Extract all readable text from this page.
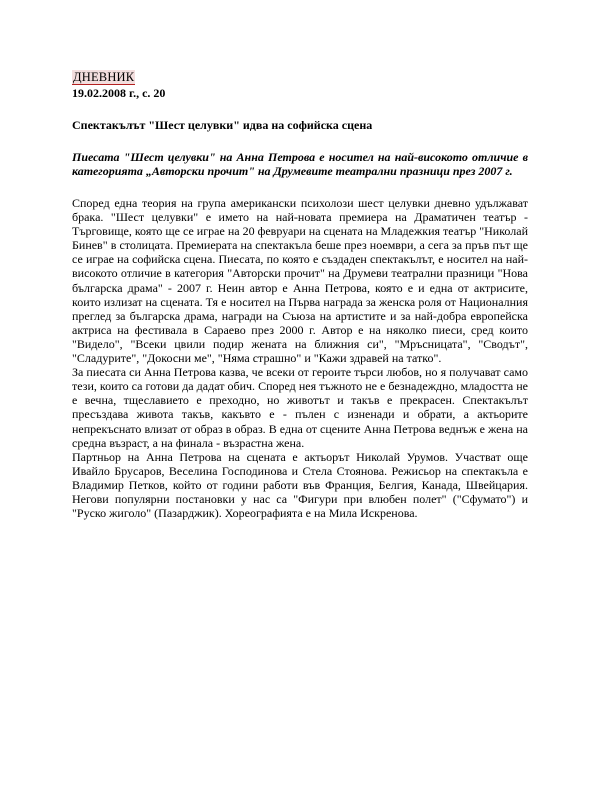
ДНЕВНИК
19.02.2008 г., с. 20
Спектакълът "Шест целувки" идва на софийска сцена
Пиесата "Шест целувки" на Анна Петрова е носител на най-високото отличие в категорията „Авторски прочит" на Друмевите театрални празници през 2007 г.

Според една теория на група американски психолози шест целувки дневно удължават брака. "Шест целувки" е името на най-новата премиера на Драматичен театър - Търговище, която ще се играе на 20 февруари на сцената на Младежкия театър "Николай Бинев" в столицата. Премиерата на спектакъла беше през ноември, а сега за пръв път ще се играе на софийска сцена. Пиесата, по която е създаден спектакълът, е носител на най-високото отличие в категория "Авторски прочит" на Друмеви театрални празници "Нова българска драма" - 2007 г. Неин автор е Анна Петрова, която е и една от актрисите, които излизат на сцената. Тя е носител на Първа награда за женска роля от Националния преглед за българска драма, награди на Съюза на артистите и за най-добра европейска актриса на фестивала в Сараево през 2000 г. Автор е на няколко пиеси, сред които "Видело", "Всеки цвили подир жената на ближния си", "Мръсницата", "Сводът", "Сладурите", "Докосни ме", "Няма страшно" и "Кажи здравей на татко".

За пиесата си Анна Петрова казва, че всеки от героите търси любов, но я получават само тези, които са готови да дадат обич. Според нея тъжното не е безнадеждно, младостта не е вечна, тщеславието е преходно, но животът и такъв е прекрасен. Спектакълът пресъздава живота такъв, какъвто е - пълен с изненади и обрати, а актьорите непрекъснато влизат от образ в образ. В една от сцените Анна Петрова веднъж е жена на средна възраст, а на финала - възрастна жена.

Партньор на Анна Петрова на сцената е актьорът Николай Урумов. Участват още Ивайло Брусаров, Веселина Господинова и Стела Стоянова. Режисьор на спектакъла е Владимир Петков, който от години работи във Франция, Белгия, Канада, Швейцария. Негови популярни постановки у нас са "Фигури при влюбен полет" ("Сфумато") и "Руско жиголо" (Пазарджик). Хореографията е на Мила Искренова.
